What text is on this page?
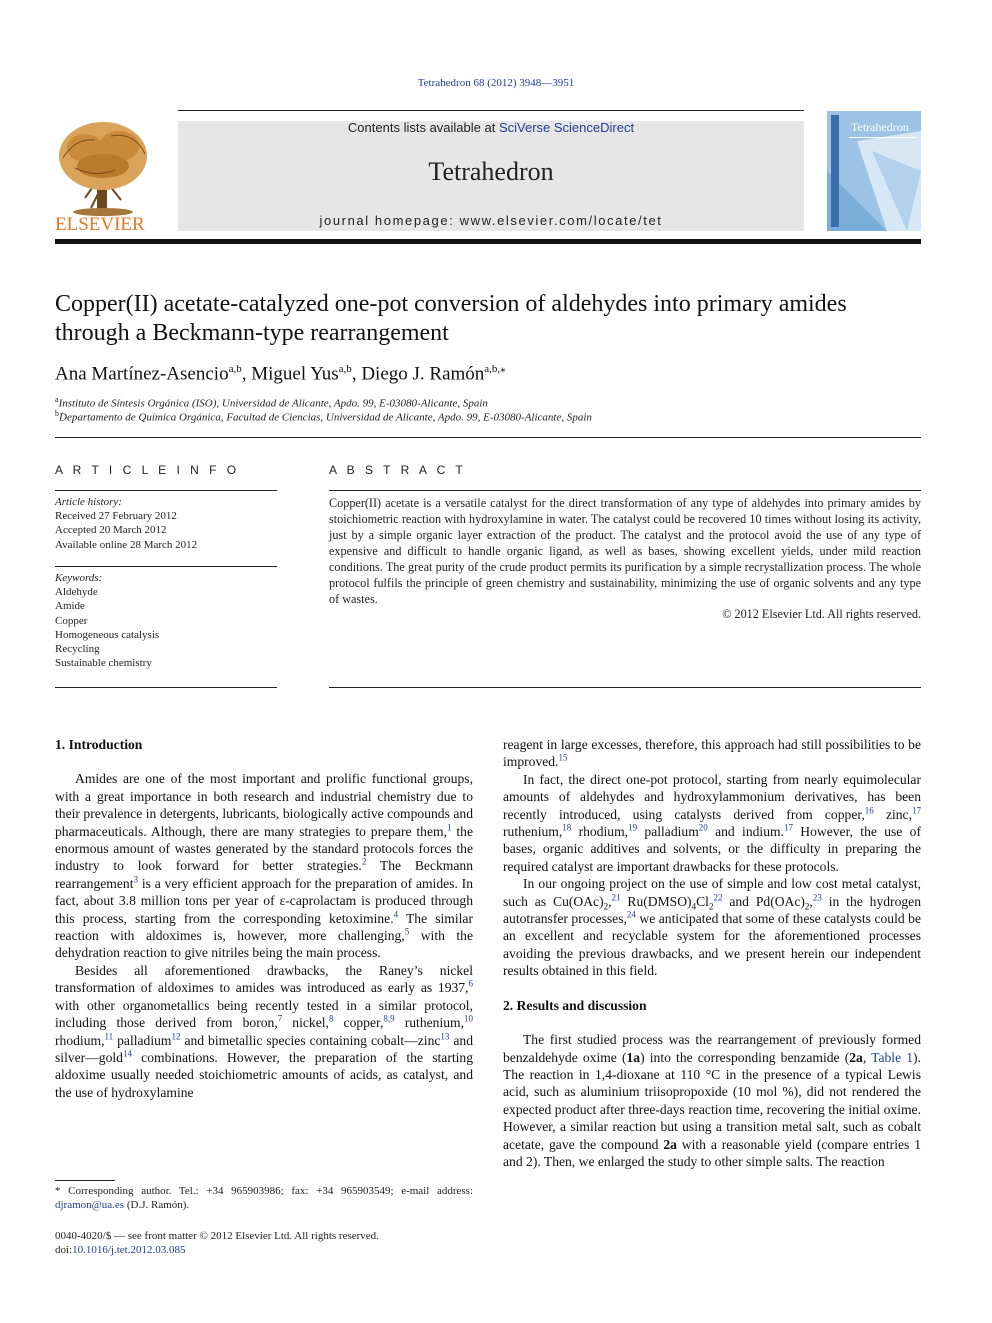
Tetrahedron 68 (2012) 3948—3951
ELSEVIER
Contents lists available at SciVerse ScienceDirect
Tetrahedron
journal homepage: www.elsevier.com/locate/tet
Tetrahedron
Copper(II) acetate-catalyzed one-pot conversion of aldehydes into primary amides through a Beckmann-type rearrangement
Ana Martínez-Asencio$^{a,b}$, Miguel Yus$^{a,b}$, Diego J. Ramón$^{a,b,⁎}$
$^a$Instituto de Síntesis Orgánica (ISO), Universidad de Alicante, Apdo. 99, E-03080-Alicante, Spain
$^b$Departamento de Química Orgánica, Facultad de Ciencias, Universidad de Alicante, Apdo. 99, E-03080-Alicante, Spain
A R T I C L E I N F O	A B S T R A C T
Article history:
Received 27 February 2012
Accepted 20 March 2012
Available online 28 March 2012
Keywords:
Aldehyde
Amide
Copper
Homogeneous catalysis
Recycling
Sustainable chemistry
Copper(II) acetate is a versatile catalyst for the direct transformation of any type of aldehydes into primary amides by stoichiometric reaction with hydroxylamine in water. The catalyst could be recovered 10 times without losing its activity, just by a simple organic layer extraction of the product. The catalyst and the protocol avoid the use of any type of expensive and difficult to handle organic ligand, as well as bases, showing excellent yields, under mild reaction conditions. The great purity of the crude product permits its purification by a simple recrystallization process. The whole protocol fulfils the principle of green chemistry and sustainability, minimizing the use of organic solvents and any type of wastes.
© 2012 Elsevier Ltd. All rights reserved.
1. Introduction

Amides are one of the most important and prolific functional groups, with a great importance in both research and industrial chemistry due to their prevalence in detergents, lubricants, biologically active compounds and pharmaceuticals. Although, there are many strategies to prepare them,$^1$ the enormous amount of wastes generated by the standard protocols forces the industry to look forward for better strategies.$^2$ The Beckmann rearrangement$^3$ is a very efficient approach for the preparation of amides. In fact, about 3.8 million tons per year of ε-caprolactam is produced through this process, starting from the corresponding ketoximine.$^4$ The similar reaction with aldoximes is, however, more challenging,$^5$ with the dehydration reaction to give nitriles being the main process.

Besides all aforementioned drawbacks, the Raney’s nickel transformation of aldoximes to amides was introduced as early as 1937,$^6$ with other organometallics being recently tested in a similar protocol, including those derived from boron,$^7$ nickel,$^8$ copper,$^{8,9}$ ruthenium,$^{10}$ rhodium,$^{11}$ palladium$^{12}$ and bimetallic species containing cobalt—zinc$^{13}$ and silver—gold$^{14}$ combinations. However, the preparation of the starting aldoxime usually needed stoichiometric amounts of acids, as catalyst, and the use of hydroxylamine

reagent in large excesses, therefore, this approach had still possibilities to be improved.$^{15}$

In fact, the direct one-pot protocol, starting from nearly equimolecular amounts of aldehydes and hydroxylammonium derivatives, has been recently introduced, using catalysts derived from copper,$^{16}$ zinc,$^{17}$ ruthenium,$^{18}$ rhodium,$^{19}$ palladium$^{20}$ and indium.$^{17}$ However, the use of bases, organic additives and solvents, or the difficulty in preparing the required catalyst are important drawbacks for these protocols.

In our ongoing project on the use of simple and low cost metal catalyst, such as $Cu(OAc)_2,^{21}$ $Ru(DMSO)_4Cl_2^{22}$ and $Pd(OAc)_2,^{23}$ in the hydrogen autotransfer processes,$^{24}$ we anticipated that some of these catalysts could be an excellent and recyclable system for the aforementioned processes avoiding the previous drawbacks, and we present herein our independent results obtained in this field.

2. Results and discussion

The first studied process was the rearrangement of previously formed benzaldehyde oxime (1a) into the corresponding benzamide (2a, Table 1). The reaction in 1,4-dioxane at 110 °C in the presence of a typical Lewis acid, such as aluminium triisopropoxide (10 mol %), did not rendered the expected product after three-days reaction time, recovering the initial oxime. However, a similar reaction but using a transition metal salt, such as cobalt acetate, gave the compound 2a with a reasonable yield (compare entries 1 and 2). Then, we enlarged the study to other simple salts. The reaction

* Corresponding author. Tel.: +34 965903986; fax: +34 965903549; e-mail address: djramon@ua.es (D.J. Ramón).
0040-4020/$ — see front matter © 2012 Elsevier Ltd. All rights reserved.
doi:10.1016/j.tet.2012.03.085
